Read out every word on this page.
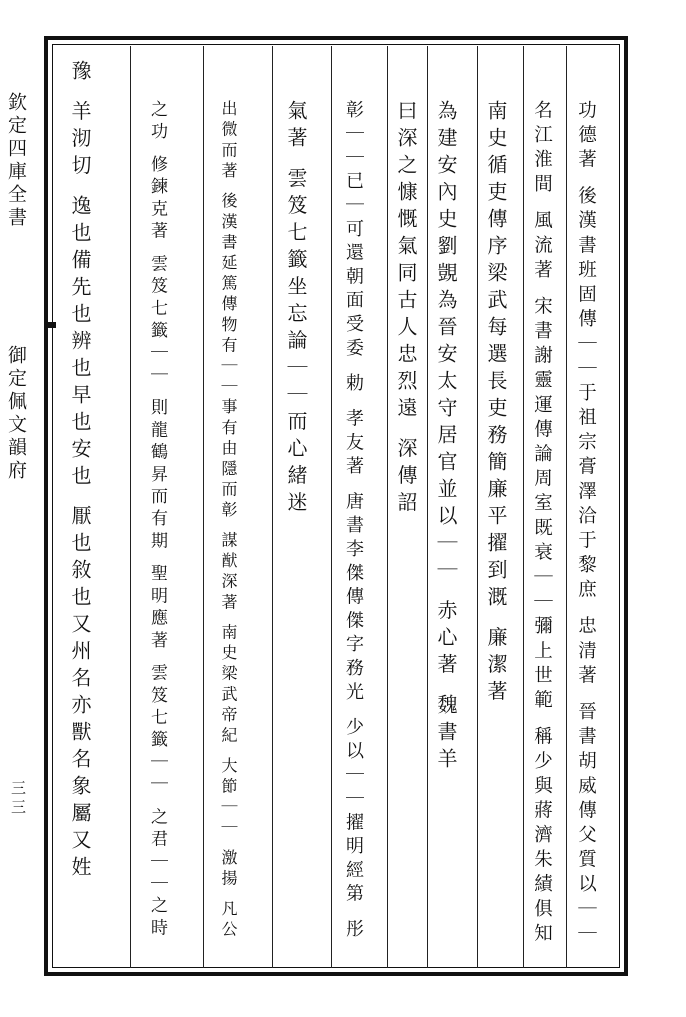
欽定四庫全書
御定佩文韻府
三三	功德著 後漢書班固傳｜｜于祖宗膏澤洽于黎庶 忠清著 晉書胡威傳父質以｜｜
名江淮間 風流著 宋書謝靈運傳論周室既衰｜｜彌上世範 稱少與蔣濟朱績俱知
南史循吏傳序梁武每選長吏務簡廉平擢到溉 廉潔著
為建安內史劉覬為晉安太守居官並以｜｜ 赤心著 魏書羊
曰深之慷慨氣同古人忠烈遠 深傳詔
彰｜｜已｜可還朝面受委 勅 孝友著 唐書李傑傳傑字務光 少以｜｜擢明經第 彤
氣著 雲笈七籤坐忘論｜｜而心緒迷
出微而著 後漢書延篤傳物有｜｜事有由隱而彰 謀猷深著 南史梁武帝紀 大節｜｜ 激揚 凡公
之功 修鍊克著 雲笈七籤｜｜ 則龍鶴昇而有期 聖明應著 雲笈七籤｜｜ 之君｜｜之時
豫 羊沏切 逸也備先也辨也早也安也 厭也敘也又州名亦獸名象屬又姓
